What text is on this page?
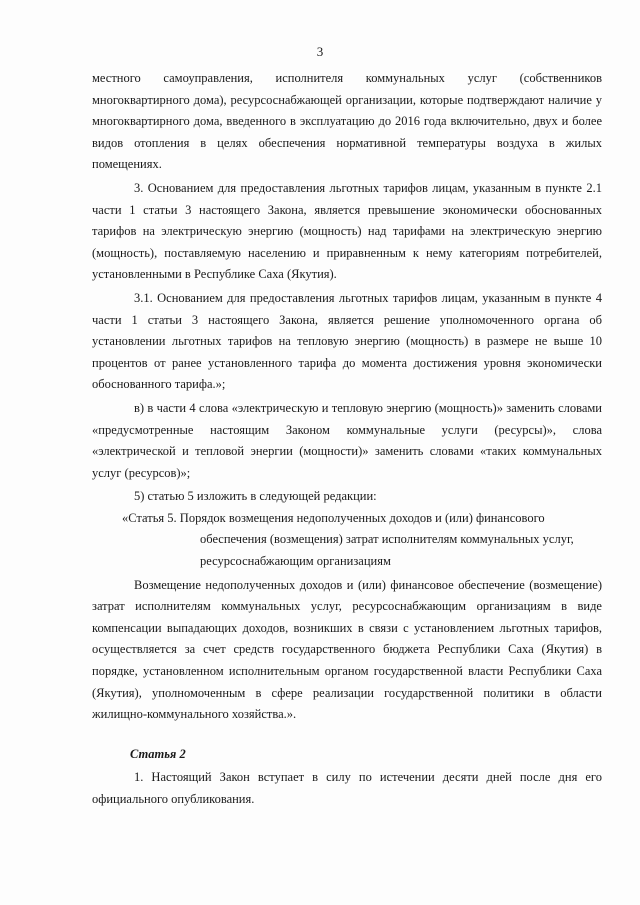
3

местного самоуправления, исполнителя коммунальных услуг (собственников многоквартирного дома), ресурсоснабжающей организации, которые подтверждают наличие у многоквартирного дома, введенного в эксплуатацию до 2016 года включительно, двух и более видов отопления в целях обеспечения нормативной температуры воздуха в жилых помещениях.

3. Основанием для предоставления льготных тарифов лицам, указанным в пункте 2.1 части 1 статьи 3 настоящего Закона, является превышение экономически обоснованных тарифов на электрическую энергию (мощность) над тарифами на электрическую энергию (мощность), поставляемую населению и приравненным к нему категориям потребителей, установленными в Республике Саха (Якутия).

3.1. Основанием для предоставления льготных тарифов лицам, указанным в пункте 4 части 1 статьи 3 настоящего Закона, является решение уполномоченного органа об установлении льготных тарифов на тепловую энергию (мощность) в размере не выше 10 процентов от ранее установленного тарифа до момента достижения уровня экономически обоснованного тарифа.»;

в) в части 4 слова «электрическую и тепловую энергию (мощность)» заменить словами «предусмотренные настоящим Законом коммунальные услуги (ресурсы)», слова «электрической и тепловой энергии (мощности)» заменить словами «таких коммунальных услуг (ресурсов)»;

5) статью 5 изложить в следующей редакции:

«Статья 5. Порядок возмещения недополученных доходов и (или) финансового

обеспечения (возмещения) затрат исполнителям коммунальных услуг,

ресурсоснабжающим организациям

Возмещение недополученных доходов и (или) финансовое обеспечение (возмещение) затрат исполнителям коммунальных услуг, ресурсоснабжающим организациям в виде компенсации выпадающих доходов, возникших в связи с установлением льготных тарифов, осуществляется за счет средств государственного бюджета Республики Саха (Якутия) в порядке, установленном исполнительным органом государственной власти Республики Саха (Якутия), уполномоченным в сфере реализации государственной политики в области жилищно-коммунального хозяйства.».

Статья 2

1. Настоящий Закон вступает в силу по истечении десяти дней после дня его официального опубликования.
